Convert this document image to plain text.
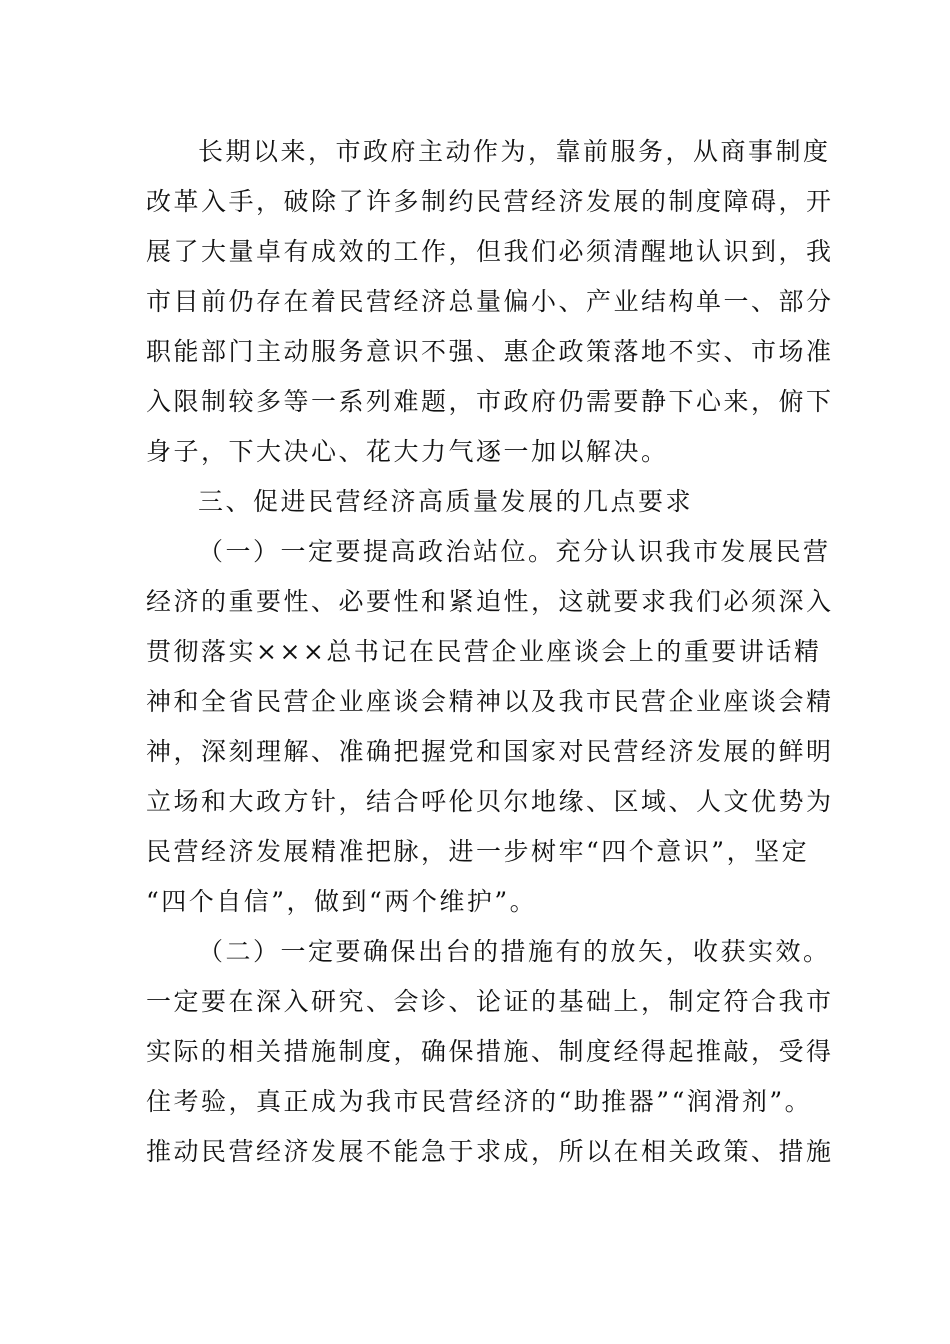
长期以来，市政府主动作为，靠前服务，从商事制度
改革入手，破除了许多制约民营经济发展的制度障碍，开
展了大量卓有成效的工作，但我们必须清醒地认识到，我
市目前仍存在着民营经济总量偏小、产业结构单一、部分
职能部门主动服务意识不强、惠企政策落地不实、市场准
入限制较多等一系列难题，市政府仍需要静下心来，俯下
身子，下大决心、花大力气逐一加以解决。
三、促进民营经济高质量发展的几点要求
（一）一定要提高政治站位。充分认识我市发展民营
经济的重要性、必要性和紧迫性，这就要求我们必须深入
贯彻落实×××总书记在民营企业座谈会上的重要讲话精
神和全省民营企业座谈会精神以及我市民营企业座谈会精
神，深刻理解、准确把握党和国家对民营经济发展的鲜明
立场和大政方针，结合呼伦贝尔地缘、区域、人文优势为
民营经济发展精准把脉，进一步树牢“四个意识”，坚定
“四个自信”，做到“两个维护”。
（二）一定要确保出台的措施有的放矢，收获实效。
一定要在深入研究、会诊、论证的基础上，制定符合我市
实际的相关措施制度，确保措施、制度经得起推敲，受得
住考验，真正成为我市民营经济的“助推器”“润滑剂”。
推动民营经济发展不能急于求成，所以在相关政策、措施
